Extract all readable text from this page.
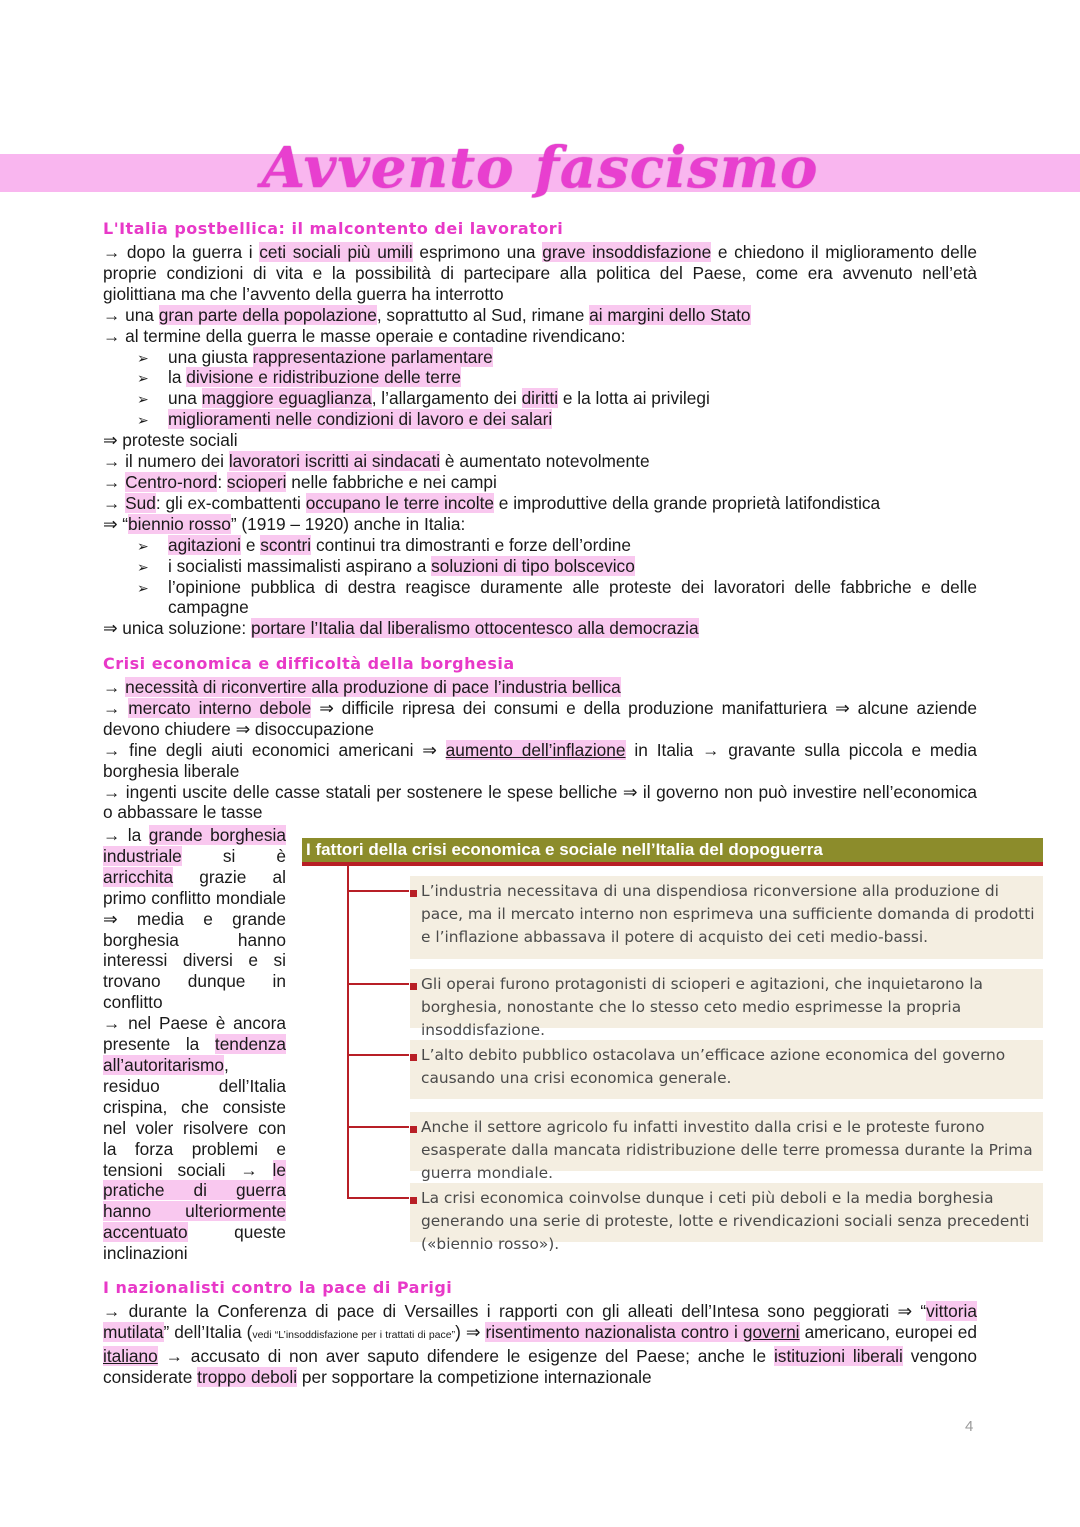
Avvento fascismo
L'Italia postbellica: il malcontento dei lavoratori

→ dopo la guerra i ceti sociali più umili esprimono una grave insoddisfazione e chiedono il miglioramento delle proprie condizioni di vita e la possibilità di partecipare alla politica del Paese, come era avvenuto nell’età giolittiana ma che l’avvento della guerra ha interrotto

→ una gran parte della popolazione, soprattutto al Sud, rimane ai margini dello Stato

→ al termine della guerra le masse operaie e contadine rivendicano:

➢ una giusta rappresentazione parlamentare

➢ la divisione e ridistribuzione delle terre

➢ una maggiore eguaglianza, l’allargamento dei diritti e la lotta ai privilegi

➢ miglioramenti nelle condizioni di lavoro e dei salari

⇒ proteste sociali

→ il numero dei lavoratori iscritti ai sindacati è aumentato notevolmente

→ Centro-nord: scioperi nelle fabbriche e nei campi

→ Sud: gli ex-combattenti occupano le terre incolte e improduttive della grande proprietà latifondistica

⇒ “biennio rosso” (1919 – 1920) anche in Italia:

➢ agitazioni e scontri continui tra dimostranti e forze dell’ordine

➢ i socialisti massimalisti aspirano a soluzioni di tipo bolscevico

➢ l’opinione pubblica di destra reagisce duramente alle proteste dei lavoratori delle fabbriche e delle campagne

⇒ unica soluzione: portare l’Italia dal liberalismo ottocentesco alla democrazia

Crisi economica e difficoltà della borghesia

→ necessità di riconvertire alla produzione di pace l’industria bellica

→ mercato interno debole ⇒ difficile ripresa dei consumi e della produzione manifatturiera ⇒ alcune aziende devono chiudere ⇒ disoccupazione

→ fine degli aiuti economici americani ⇒ aumento dell’inflazione in Italia → gravante sulla piccola e media borghesia liberale

→ ingenti uscite delle casse statali per sostenere le spese belliche ⇒ il governo non può investire nell’economica o abbassare le tasse

→ la grande borghesia industriale si è arricchita grazie al primo conflitto mondiale ⇒ media e grande borghesia hanno interessi diversi e si trovano dunque in conflitto

→ nel Paese è ancora presente la tendenza all’autoritarismo, residuo dell’Italia crispina, che consiste nel voler risolvere con la forza problemi e tensioni sociali → le pratiche di guerra hanno ulteriormente accentuato queste inclinazioni

I fattori della crisi economica e sociale nell’Italia del dopoguerra
L’industria necessitava di una dispendiosa riconversione alla produzione di pace, ma il mercato interno non esprimeva una sufficiente domanda di prodotti e l’inflazione abbassava il potere di acquisto dei ceti medio-bassi.
Gli operai furono protagonisti di scioperi e agitazioni, che inquietarono la borghesia, nonostante che lo stesso ceto medio esprimesse la propria insoddisfazione.
L’alto debito pubblico ostacolava un’efficace azione economica del governo causando una crisi economica generale.
Anche il settore agricolo fu infatti investito dalla crisi e le proteste furono esasperate dalla mancata ridistribuzione delle terre promessa durante la Prima guerra mondiale.
La crisi economica coinvolse dunque i ceti più deboli e la media borghesia generando una serie di proteste, lotte e rivendicazioni sociali senza precedenti («biennio rosso»).
I nazionalisti contro la pace di Parigi

→ durante la Conferenza di pace di Versailles i rapporti con gli alleati dell’Intesa sono peggiorati ⇒ “vittoria mutilata” dell’Italia (vedi “L’insoddisfazione per i trattati di pace”) ⇒ risentimento nazionalista contro i governi americano, europei ed italiano → accusato di non aver saputo difendere le esigenze del Paese; anche le istituzioni liberali vengono considerate troppo deboli per sopportare la competizione internazionale

4
